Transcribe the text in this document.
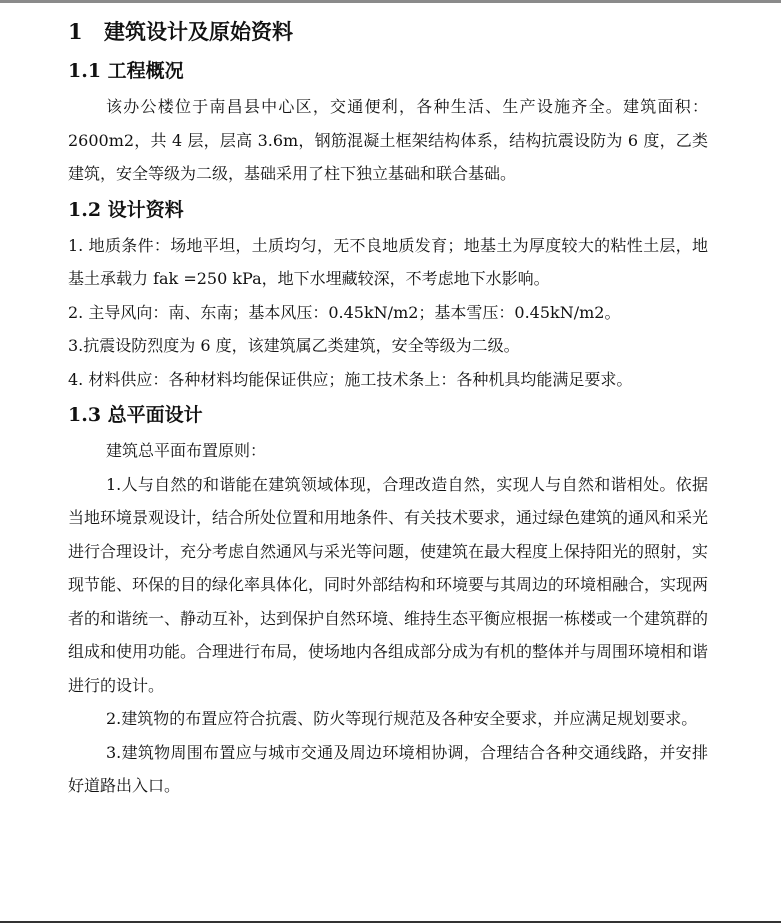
1	建筑设计及原始资料
1.1 工程概况

该办公楼位于南昌县中心区，交通便利，各种生活、生产设施齐全。建筑面积：2600m2，共 4 层，层高 3.6m，钢筋混凝土框架结构体系，结构抗震设防为 6 度，乙类建筑，安全等级为二级，基础采用了柱下独立基础和联合基础。

1.2 设计资料

1. 地质条件：场地平坦，土质均匀，无不良地质发育；地基土为厚度较大的粘性土层，地基土承载力 fak =250 kPa，地下水埋藏较深，不考虑地下水影响。

2. 主导风向：南、东南；基本风压：0.45kN/m2；基本雪压：0.45kN/m2。

3.抗震设防烈度为 6 度，该建筑属乙类建筑，安全等级为二级。

4. 材料供应：各种材料均能保证供应；施工技术条上：各种机具均能满足要求。

1.3 总平面设计

建筑总平面布置原则：

1.人与自然的和谐能在建筑领域体现，合理改造自然，实现人与自然和谐相处。依据当地环境景观设计，结合所处位置和用地条件、有关技术要求，通过绿色建筑的通风和采光进行合理设计，充分考虑自然通风与采光等问题，使建筑在最大程度上保持阳光的照射，实现节能、环保的目的绿化率具体化，同时外部结构和环境要与其周边的环境相融合，实现两者的和谐统一、静动互补，达到保护自然环境、维持生态平衡应根据一栋楼或一个建筑群的组成和使用功能。合理进行布局，使场地内各组成部分成为有机的整体并与周围环境相和谐进行的设计。

2.建筑物的布置应符合抗震、防火等现行规范及各种安全要求，并应满足规划要求。

3.建筑物周围布置应与城市交通及周边环境相协调，合理结合各种交通线路，并安排好道路出入口。
